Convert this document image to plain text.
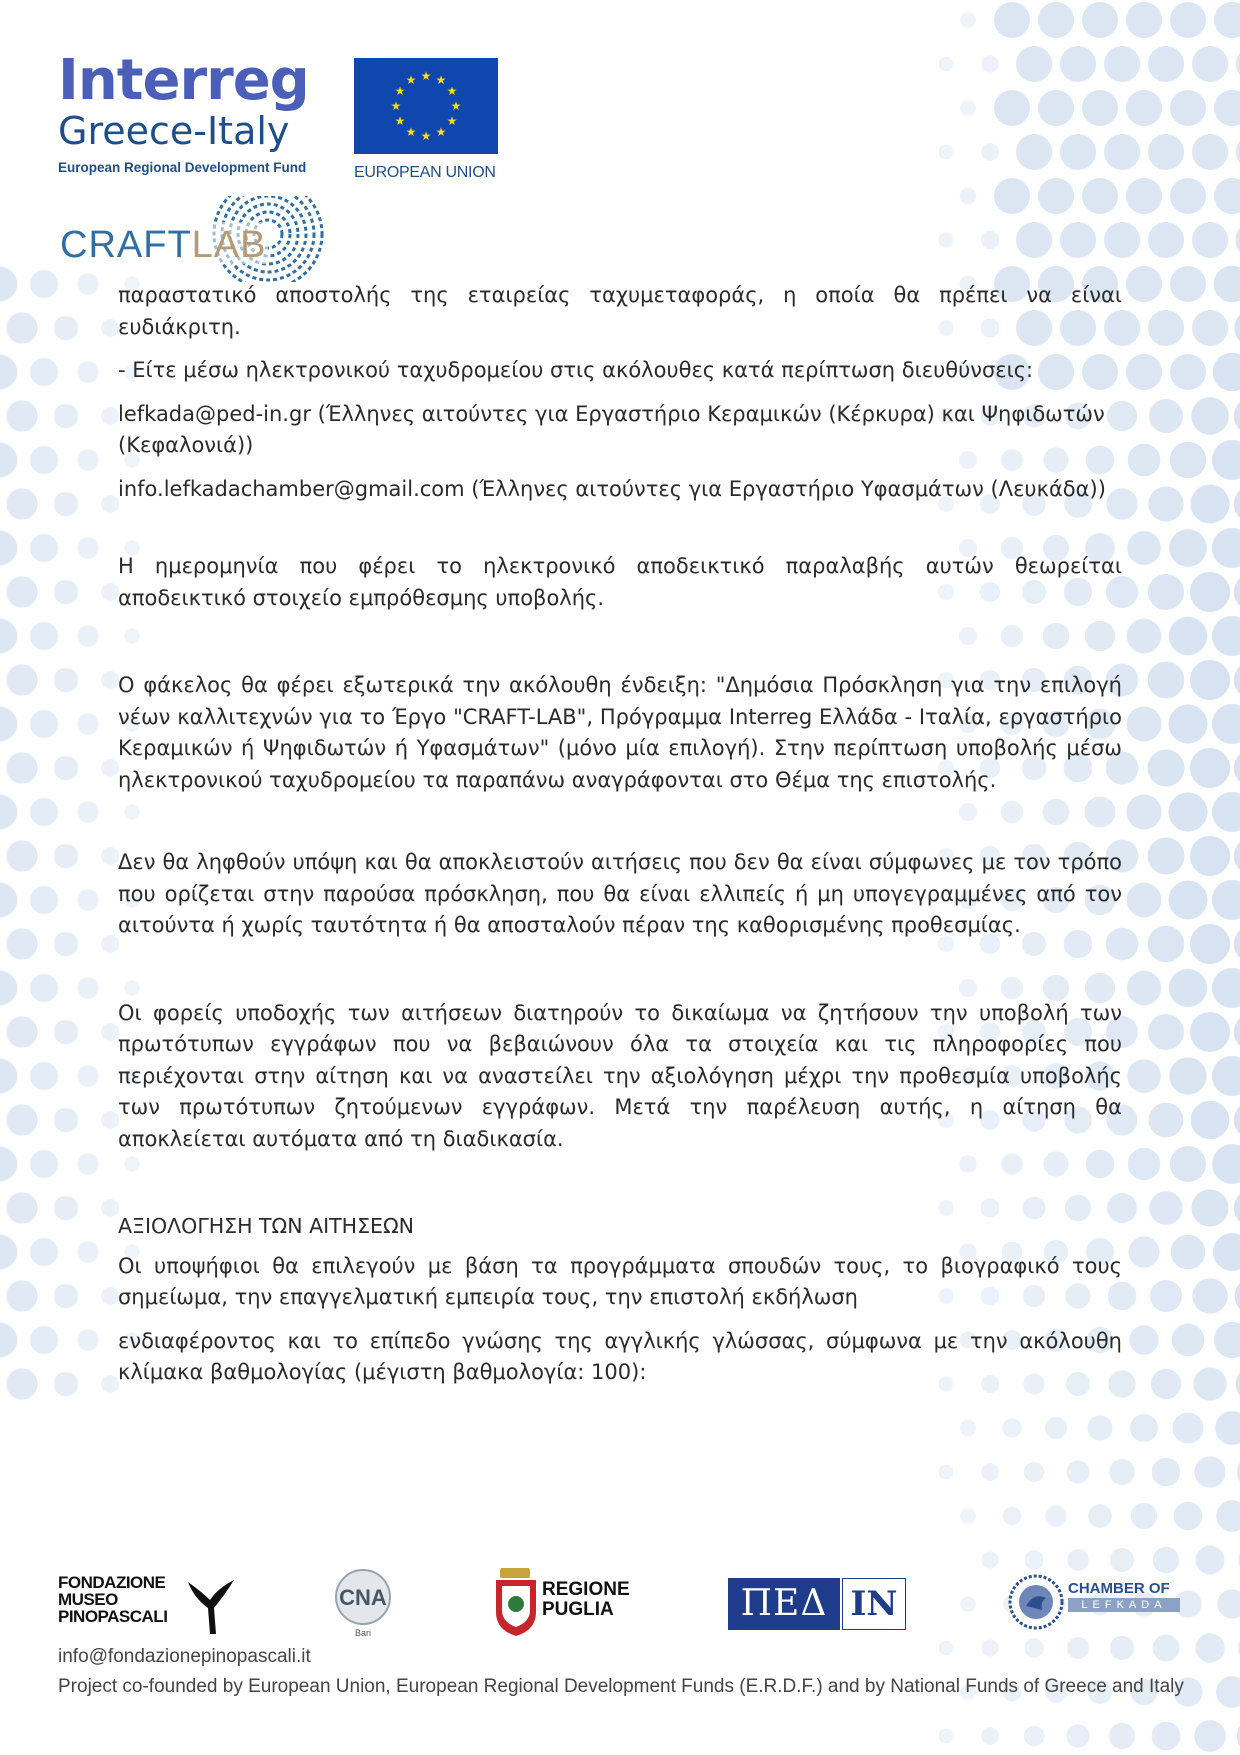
Interreg
Greece-Italy
European Regional Development Fund
★ ★
★
★
★
★
★
★
★
★
★
★
EUROPEAN UNION
CRAFTLAB

παραστατικό αποστολής της εταιρείας ταχυμεταφοράς, η οποία θα πρέπει να είναι ευδιάκριτη.

- Είτε μέσω ηλεκτρονικού ταχυδρομείου στις ακόλουθες κατά περίπτωση διευθύνσεις:

lefkada@ped-in.gr (Έλληνες αιτούντες για Εργαστήριο Κεραμικών (Κέρκυρα) και Ψηφιδωτών (Κεφαλονιά))

info.lefkadachamber@gmail.com (Έλληνες αιτούντες για Εργαστήριο Υφασμάτων (Λευκάδα))

Η ημερομηνία που φέρει το ηλεκτρονικό αποδεικτικό παραλαβής αυτών θεωρείται αποδεικτικό στοιχείο εμπρόθεσμης υποβολής.

Ο φάκελος θα φέρει εξωτερικά την ακόλουθη ένδειξη: "Δημόσια Πρόσκληση για την επιλογή νέων καλλιτεχνών για το Έργο "CRAFT-LAB", Πρόγραμμα Interreg Ελλάδα - Ιταλία, εργαστήριο Κεραμικών ή Ψηφιδωτών ή Υφασμάτων" (μόνο μία επιλογή). Στην περίπτωση υποβολής μέσω ηλεκτρονικού ταχυδρομείου τα παραπάνω αναγράφονται στο Θέμα της επιστολής.

Δεν θα ληφθούν υπόψη και θα αποκλειστούν αιτήσεις που δεν θα είναι σύμφωνες με τον τρόπο που ορίζεται στην παρούσα πρόσκληση, που θα είναι ελλιπείς ή μη υπογεγραμμένες από τον αιτούντα ή χωρίς ταυτότητα ή θα αποσταλούν πέραν της καθορισμένης προθεσμίας.

Οι φορείς υποδοχής των αιτήσεων διατηρούν το δικαίωμα να ζητήσουν την υποβολή των πρωτότυπων εγγράφων που να βεβαιώνουν όλα τα στοιχεία και τις πληροφορίες που περιέχονται στην αίτηση και να αναστείλει την αξιολόγηση μέχρι την προθεσμία υποβολής των πρωτότυπων ζητούμενων εγγράφων. Μετά την παρέλευση αυτής, η αίτηση θα αποκλείεται αυτόματα από τη διαδικασία.

ΑΞΙΟΛΟΓΗΣΗ ΤΩΝ ΑΙΤΗΣΕΩΝ

Οι υποψήφιοι θα επιλεγούν με βάση τα προγράμματα σπουδών τους, το βιογραφικό τους σημείωμα, την επαγγελματική εμπειρία τους, την επιστολή εκδήλωση

ενδιαφέροντος και το επίπεδο γνώσης της αγγλικής γλώσσας, σύμφωνα με την ακόλουθη κλίμακα βαθμολογίας (μέγιστη βαθμολογία: 100):

FONDAZIONE
MUSEO
PINOPASCALI
CNA
Bari
REGIONE
PUGLIA	ΠΕΔ IN	CHAMBER OF
LEFKADA
info@fondazionepinopascali.it
Project co-founded by European Union, European Regional Development Funds (E.R.D.F.) and by National Funds of Greece and Italy
